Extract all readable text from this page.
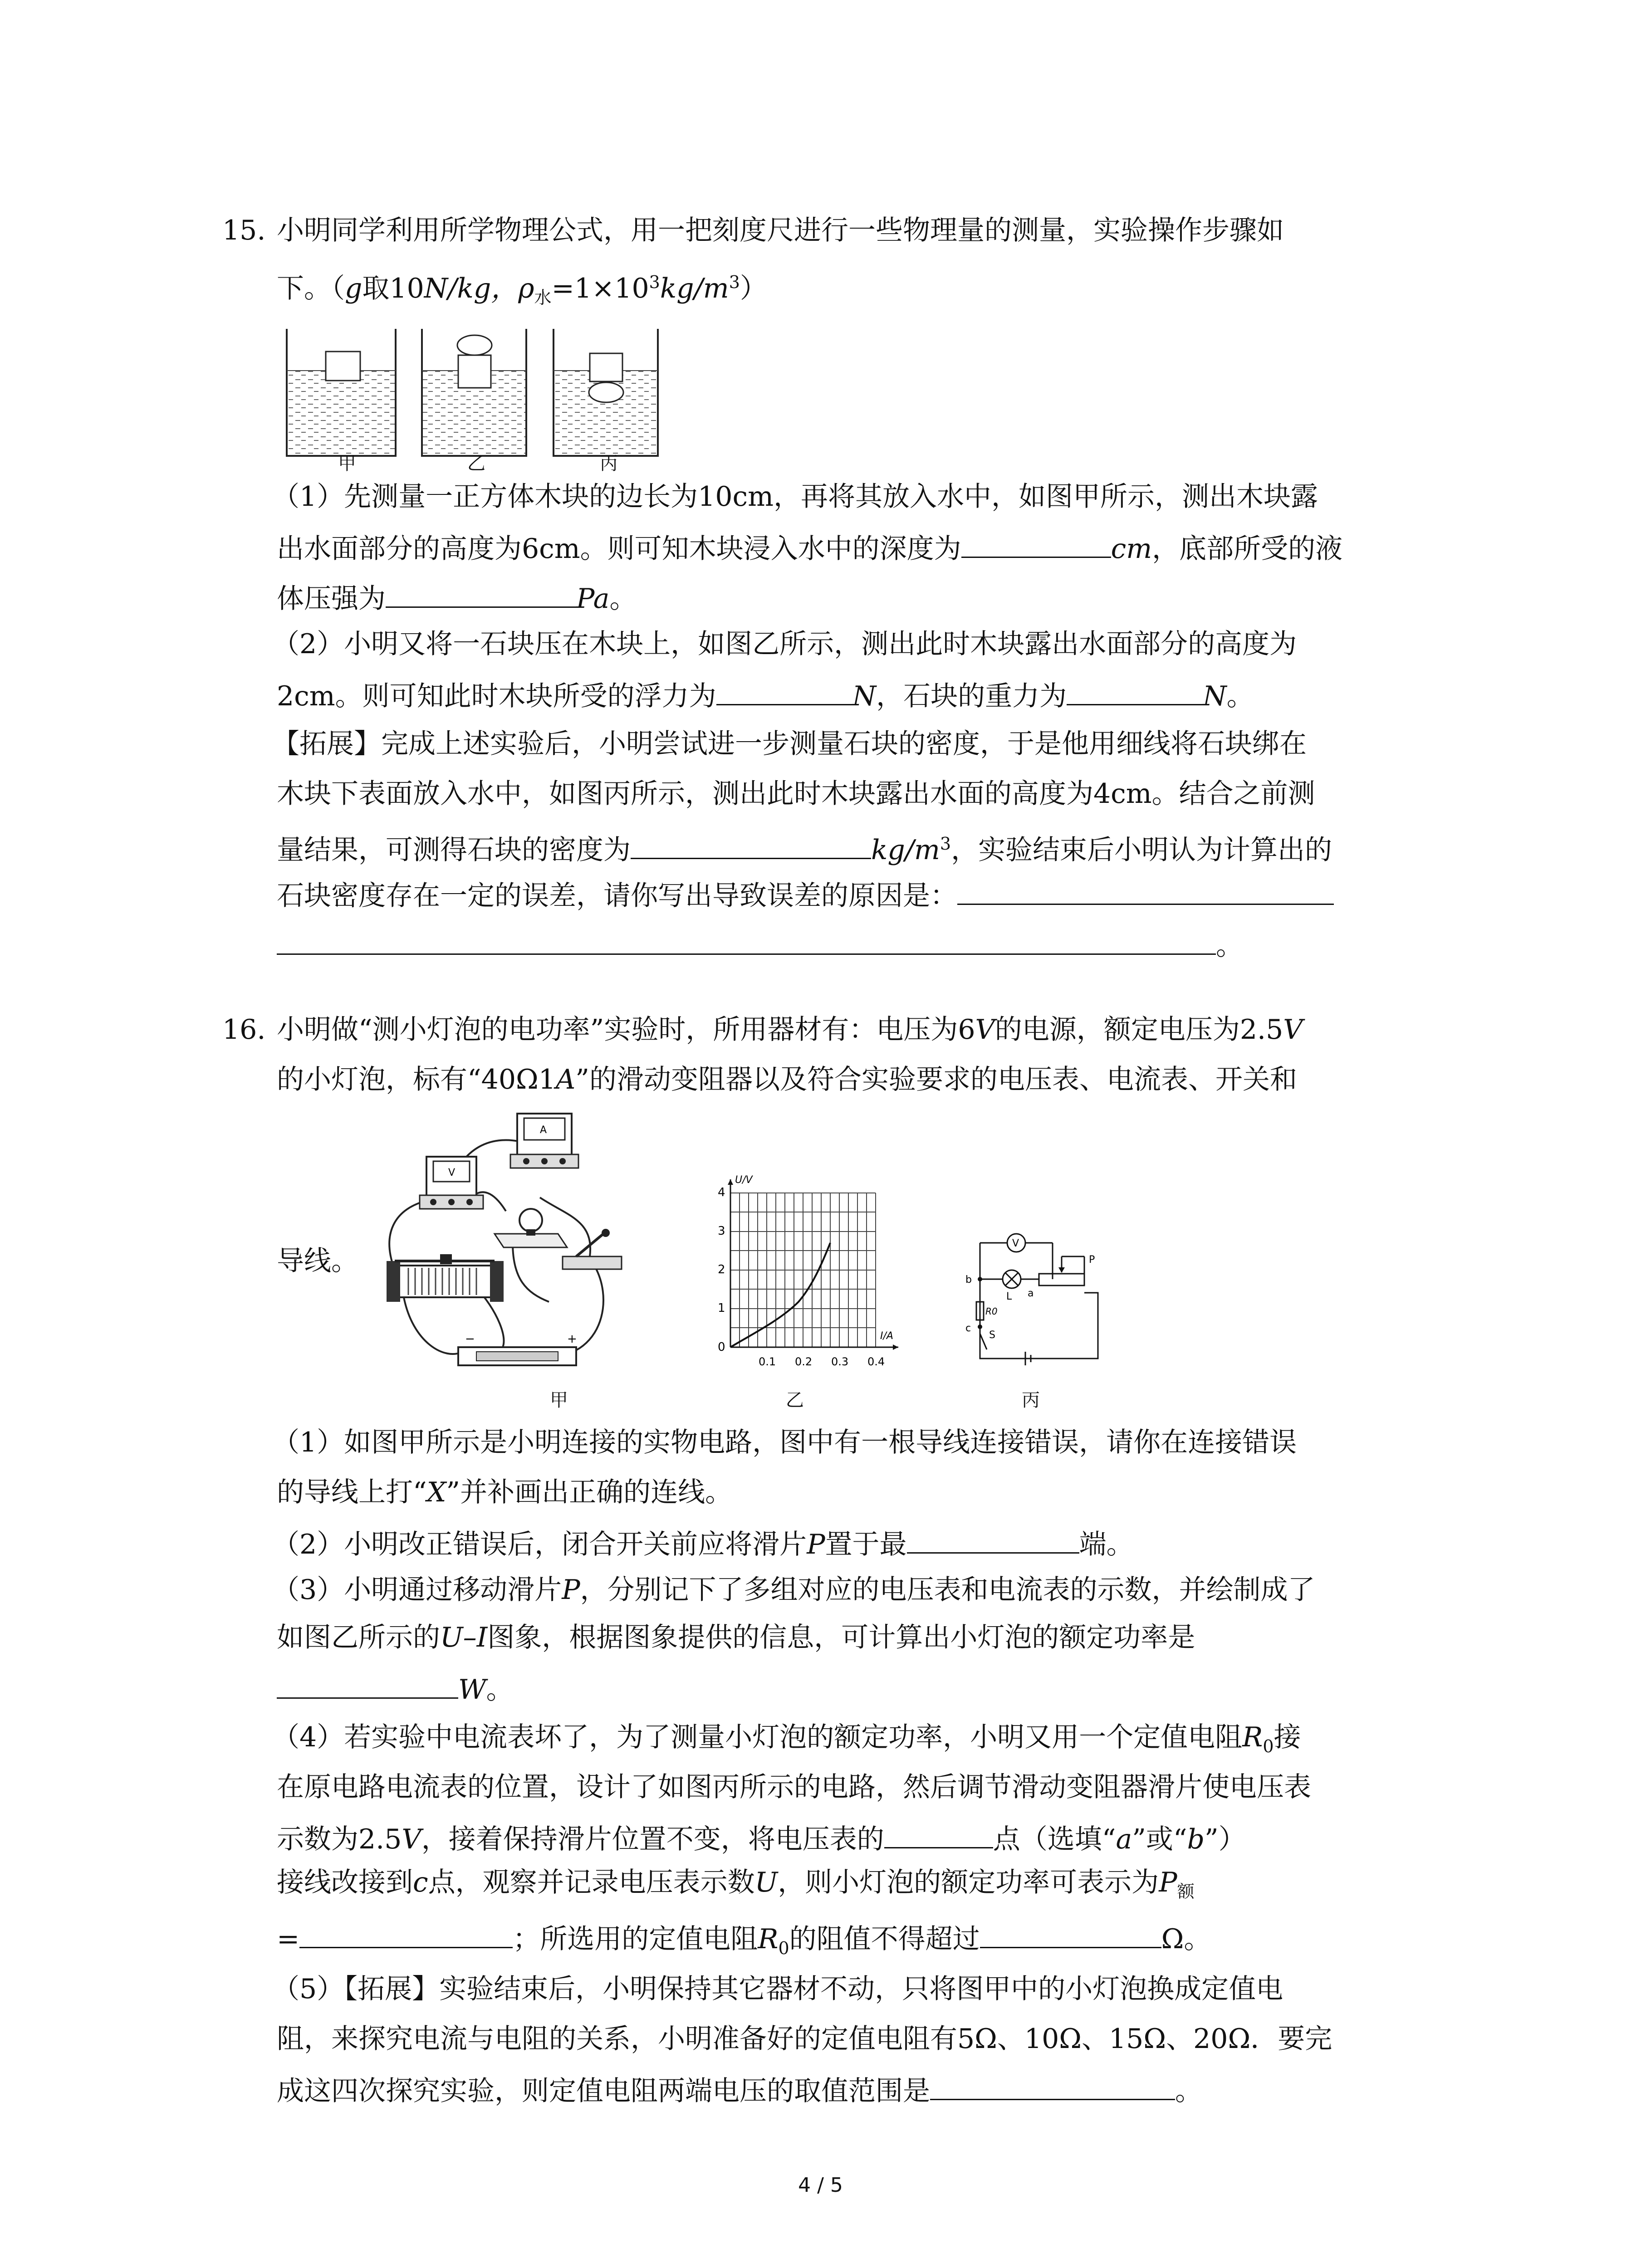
15. 小明同学利用所学物理公式，用一把刻度尺进行一些物理量的测量，实验操作步骤如
下。（g取10N/kg，$\rho_水=1\times 10^3kg/m^3$）
甲	乙	丙
（1）先测量一正方体木块的边长为10cm，再将其放入水中，如图甲所示，测出木块露
出水面部分的高度为6cm。则可知木块浸入水中的深度为	cm，底部所受的液
体压强为	Pa。
（2）小明又将一石块压在木块上，如图乙所示，测出此时木块露出水面部分的高度为
2cm。则可知此时木块所受的浮力为	N，石块的重力为	N。
【拓展】完成上述实验后，小明尝试进一步测量石块的密度，于是他用细线将石块绑在
木块下表面放入水中，如图丙所示，测出此时木块露出水面的高度为4cm。结合之前测
量结果，可测得石块的密度为	$kg/m^3$，实验结束后小明认为计算出的
石块密度存在一定的误差，请你写出导致误差的原因是：
。
16. 小明做“测小灯泡的电功率”实验时，所用器材有：电压为6V的电源，额定电压为2.5V
的小灯泡，标有“40Ω1A”的滑动变阻器以及符合实验要求的电压表、电流表、开关和
导线。
V
A
−	+
甲
U/V
I/A
0
1
2
3
4
0.1 0.2 0.3 0.4
乙
V
P
b
a
L
R0
c
S
丙
（1）如图甲所示是小明连接的实物电路，图中有一根导线连接错误，请你在连接错误
的导线上打“X”并补画出正确的连线。
（2）小明改正错误后，闭合开关前应将滑片P置于最	端。
（3）小明通过移动滑片P，分别记下了多组对应的电压表和电流表的示数，并绘制成了
如图乙所示的U–I图象，根据图象提供的信息，可计算出小灯泡的额定功率是
W。
（4）若实验中电流表坏了，为了测量小灯泡的额定功率，小明又用一个定值电阻$R_0$接
在原电路电流表的位置，设计了如图丙所示的电路，然后调节滑动变阻器滑片使电压表
示数为2.5V，接着保持滑片位置不变，将电压表的	点（选填“a”或“b”）
接线改接到c点，观察并记录电压表示数U，则小灯泡的额定功率可表示为$P_额$
=	；所选用的定值电阻$R_0$的阻值不得超过	Ω。
（5）【拓展】实验结束后，小明保持其它器材不动，只将图甲中的小灯泡换成定值电
阻，来探究电流与电阻的关系，小明准备好的定值电阻有5Ω、10Ω、15Ω、20Ω．要完
成这四次探究实验，则定值电阻两端电压的取值范围是	。
4 / 5
